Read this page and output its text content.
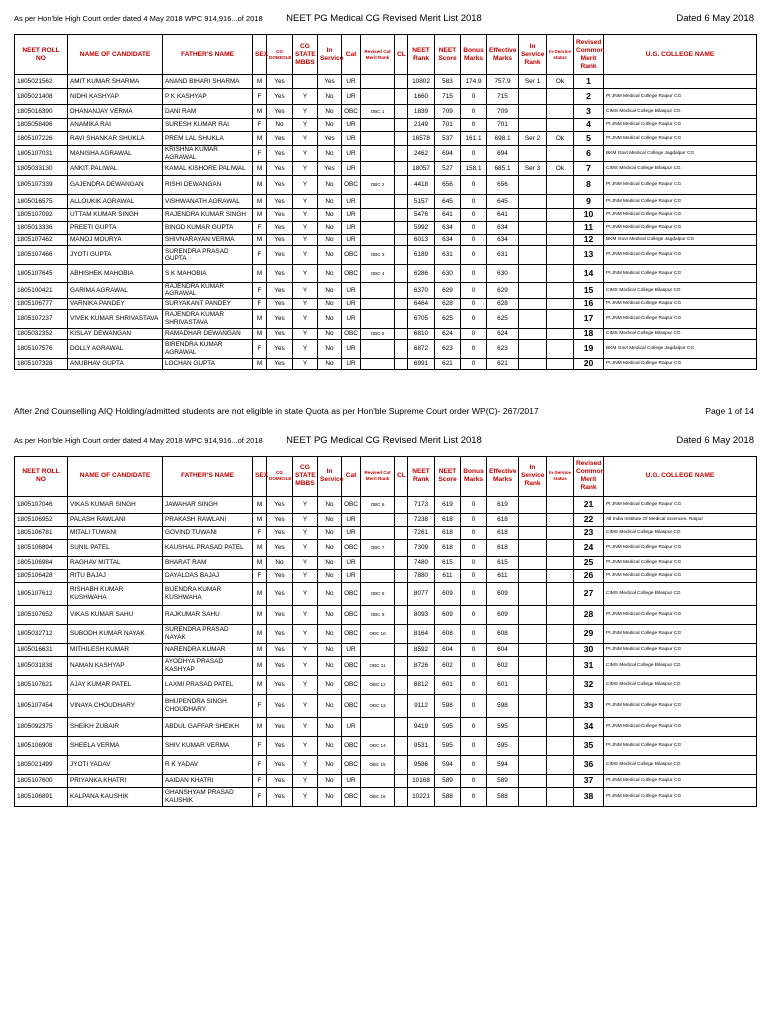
As per Hon'ble High Court order dated 4 May 2018 WPC 914,916...of 2018	NEET PG Medical CG Revised Merit List 2018	Dated 6 May 2018
NEET ROLL NO	NAME OF CANDIDATE	FATHER'S NAME	SEX	CG DOMICILE	CG STATE MBBS	In Service	Cat	Revised Cat Merit Rank	CL	NEET Rank	NEET Score	Bonus Marks	Effective Marks	In Service Rank	In-Service status	Revised Common Merit Rank	U.G. COLLEGE NAME
1805021562	AMIT KUMAR SHARMA	ANAND BIHARI SHARMA	M	Yes		Yes	UR			10802	583	174.9	757.9	Ser 1	Ok	1	
1805021408	NIDHI KASHYAP	P K KASHYAP	F	Yes	Y	No	UR			1660	715	0	715			2	Pt JNM Medical College Raipur CG
1805016390	DHANANJAY VERMA	DANI RAM	M	Yes	Y	No	OBC	OBC 1		1839	709	0	709			3	CIMS Medical College Bilaspur CG
1805058496	ANAMIKA RAI	SURESH KUMAR RAI	F	No	Y	No	UR			2149	701	0	701			4	Pt JNM Medical College Raipur CG
1805107226	RAVI SHANKAR SHUKLA	PREM LAL SHUKLA	M	Yes	Y	Yes	UR			16578	537	161.1	698.1	Ser 2	Ok	5	Pt JNM Medical College Raipur CG
1805107031	MANISHA AGRAWAL	KRISHNA KUMAR AGRAWAL	F	Yes	Y	No	UR			2462	694	0	694			6	BKM Govt Medical College Jagdalpur CG
1805033130	ANKIT PALIWAL	KAMAL KISHORE PALIWAL	M	Yes	Y	Yes	UR			18057	527	158.1	685.1	Ser 3	Ok	7	CIMS Medical College Bilaspur CG
1805107339	GAJENDRA DEWANGAN	RISHI DEWANGAN	M	Yes	Y	No	OBC	OBC 2		4418	656	0	656			8	Pt JNM Medical College Raipur CG
1805016575	ALLOUKIK AGRAWAL	VISHWANATH AGRAWAL	M	Yes	Y	No	UR			5157	645	0	645			9	Pt JNM Medical College Raipur CG
1805107092	UTTAM KUMAR SINGH	RAJENDRA KUMAR SINGH	M	Yes	Y	No	UR			5476	641	0	641			10	Pt JNM Medical College Raipur CG
1805013336	PREETI GUPTA	BINOD KUMAR GUPTA	F	Yes	Y	No	UR			5992	634	0	634			11	Pt JNM Medical College Raipur CG
1805107462	MANOJ MOURYA	SHIVNARAYAN VERMA	M	Yes	Y	No	UR			6013	634	0	634			12	BKM Govt Medical College Jagdalpur CG
1805107466	JYOTI GUPTA	SURENDRA PRASAD GUPTA	F	Yes	Y	No	OBC	OBC 3		6189	631	0	631			13	Pt JNM Medical College Raipur CG
1805107645	ABHISHEK MAHOBIA	S K MAHOBIA	M	Yes	Y	No	OBC	OBC 4		6286	630	0	630			14	Pt JNM Medical College Raipur CG
1805100421	GARIMA AGRAWAL	RAJENDRA KUMAR AGRAWAL	F	Yes	Y	No	UR			6370	629	0	629			15	CIMS Medical College Bilaspur CG
1805106777	VARNIKA PANDEY	SURYAKANT PANDEY	F	Yes	Y	No	UR			6464	628	0	628			16	Pt JNM Medical College Raipur CG
1805107237	VIVEK KUMAR SHRIVASTAVA	RAJENDRA KUMAR SHRIVASTAVA	M	Yes	Y	No	UR			6705	625	0	625			17	Pt JNM Medical College Raipur CG
1805032352	KISLAY DEWANGAN	RAMADHAR DEWANGAN	M	Yes	Y	No	OBC	OBC 5		6810	624	0	624			18	CIMS Medical College Bilaspur CG
1805107576	DOLLY AGRAWAL	BIRENDRA KUMAR AGRAWAL	F	Yes	Y	No	UR			6872	623	0	623			19	BKM Govt Medical College Jagdalpur CG
1805107328	ANUBHAV GUPTA	LOCHAN GUPTA	M	Yes	Y	No	UR			6991	621	0	621			20	Pt JNM Medical College Raipur CG
After 2nd Counselling AIQ Holding/admitted students are not eligible in state Quota as per Hon'ble Supreme Court order WP(C)- 267/2017	Page 1 of 14
As per Hon'ble High Court order dated 4 May 2018 WPC 914,916...of 2018	NEET PG Medical CG Revised Merit List 2018	Dated 6 May 2018
NEET ROLL NO	NAME OF CANDIDATE	FATHER'S NAME	SEX	CG DOMICILE	CG STATE MBBS	In Service	Cat	Revised Cat Merit Rank	CL	NEET Rank	NEET Score	Bonus Marks	Effective Marks	In Service Rank	In-Service status	Revised Common Merit Rank	U.G. COLLEGE NAME
1805107046	VIKAS KUMAR SINGH	JAWAHAR SINGH	M	Yes	Y	No	OBC	OBC 6		7173	619	0	619			21	Pt JNM Medical College Raipur CG
1805106952	PALASH RAWLANI	PRAKASH RAWLANI	M	Yes	Y	No	UR			7238	618	0	618			22	All India Institute Of Medical Sciences, Raipur
1805106781	MITALI TUWANI	GOVIND TUWANI	F	Yes	Y	No	UR			7261	618	0	618			23	CIMS Medical College Bilaspur CG
1805106894	SUNIL PATEL	KAUSHAL PRASAD PATEL	M	Yes	Y	No	OBC	OBC 7		7309	618	0	618			24	Pt JNM Medical College Raipur CG
1805106984	RAGHAV MITTAL	BHARAT RAM	M	No	Y	No	UR			7480	615	0	615			25	Pt JNM Medical College Raipur CG
1805106428	RITU BAJAJ	DAYALDAS BAJAJ	F	Yes	Y	No	UR			7880	611	0	611			26	Pt JNM Medical College Raipur CG
1805107612	RISHABH KUMAR KUSHWAHA	BIJENDRA KUMAR KUSHWAHA	M	Yes	Y	No	OBC	OBC 8		8077	609	0	609			27	CIMS Medical College Bilaspur CG
1805107652	VIKAS KUMAR SAHU	RAJKUMAR SAHU	M	Yes	Y	No	OBC	OBC 9		8093	609	0	609			28	Pt JNM Medical College Raipur CG
1805032712	SUBODH KUMAR NAYAK	SURENDRA PRASAD NAYAK	M	Yes	Y	No	OBC	OBC 10		8164	608	0	608			29	Pt JNM Medical College Raipur CG
1805016631	MITHILESH KUMAR	NARENDRA KUMAR	M	Yes	Y	No	UR			8592	604	0	604			30	Pt JNM Medical College Raipur CG
1805031838	NAMAN KASHYAP	AYODHYA PRASAD KASHYAP	M	Yes	Y	No	OBC	OBC 11		8726	602	0	602			31	CIMS Medical College Bilaspur CG
1805107621	AJAY KUMAR PATEL	LAXMI PRASAD PATEL	M	Yes	Y	No	OBC	OBC 12		8812	601	0	601			32	CIMS Medical College Bilaspur CG
1805107454	VINAYA CHOUDHARY	BHUPENDRA SINGH CHOUDHARY	F	Yes	Y	No	OBC	OBC 13		9112	598	0	598			33	Pt JNM Medical College Raipur CG
1805092375	SHEIKH ZUBAIR	ABDUL GAFFAR SHEIKH	M	Yes	Y	No	UR			9419	595	0	595			34	Pt JNM Medical College Raipur CG
1805106908	SHEELA VERMA	SHIV KUMAR VERMA	F	Yes	Y	No	OBC	OBC 14		9531	595	0	595			35	Pt JNM Medical College Raipur CG
1805021499	JYOTI YADAV	R K YADAV	F	Yes	Y	No	OBC	OBC 15		9586	594	0	594			36	CIMS Medical College Bilaspur CG
1805107600	PRIYANKA KHATRI	AAIDAN KHATRI	F	Yes	Y	No	UR			10168	589	0	589			37	Pt JNM Medical College Raipur CG
1805106891	KALPANA KAUSHIK	GHANSHYAM PRASAD KAUSHIK	F	Yes	Y	No	OBC	OBC 16		10221	588	0	588			38	Pt JNM Medical College Raipur CG
